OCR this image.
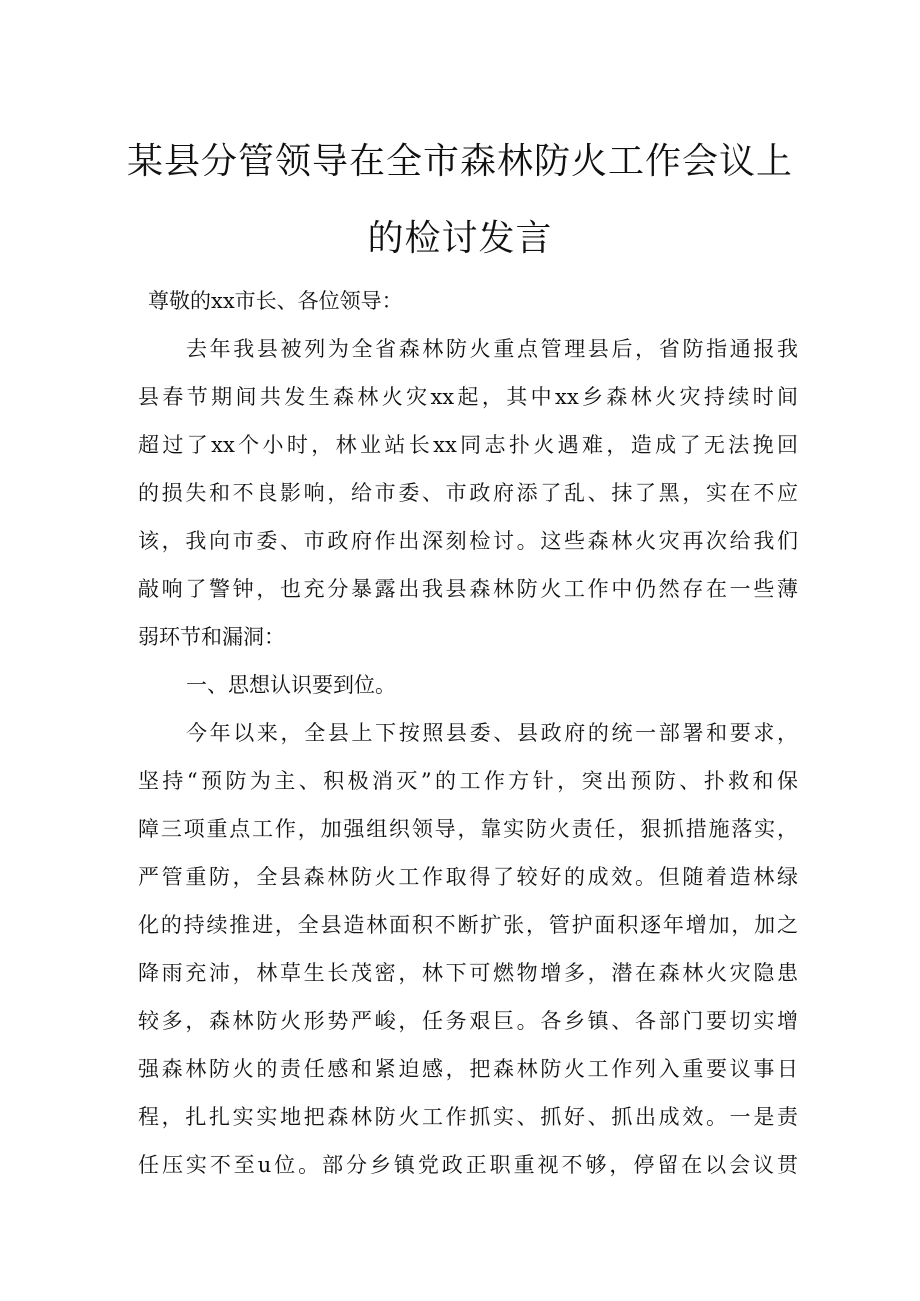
某县分管领导在全市森林防火工作会议上
的检讨发言
尊敬的xx市长、各位领导：
去年我县被列为全省森林防火重点管理县后，省防指通报我
县春节期间共发生森林火灾xx起，其中xx乡森林火灾持续时间
超过了xx个小时，林业站长xx同志扑火遇难，造成了无法挽回
的损失和不良影响，给市委、市政府添了乱、抹了黑，实在不应
该，我向市委、市政府作出深刻检讨。这些森林火灾再次给我们
敲响了警钟，也充分暴露出我县森林防火工作中仍然存在一些薄
弱环节和漏洞：
一、思想认识要到位。
今年以来，全县上下按照县委、县政府的统一部署和要求，
坚持“预防为主、积极消灭”的工作方针，突出预防、扑救和保
障三项重点工作，加强组织领导，靠实防火责任，狠抓措施落实，
严管重防，全县森林防火工作取得了较好的成效。但随着造林绿
化的持续推进，全县造林面积不断扩张，管护面积逐年增加，加之
降雨充沛，林草生长茂密，林下可燃物增多，潜在森林火灾隐患
较多，森林防火形势严峻，任务艰巨。各乡镇、各部门要切实增
强森林防火的责任感和紧迫感，把森林防火工作列入重要议事日
程，扎扎实实地把森林防火工作抓实、抓好、抓出成效。一是责
任压实不至u位。部分乡镇党政正职重视不够，停留在以会议贯
